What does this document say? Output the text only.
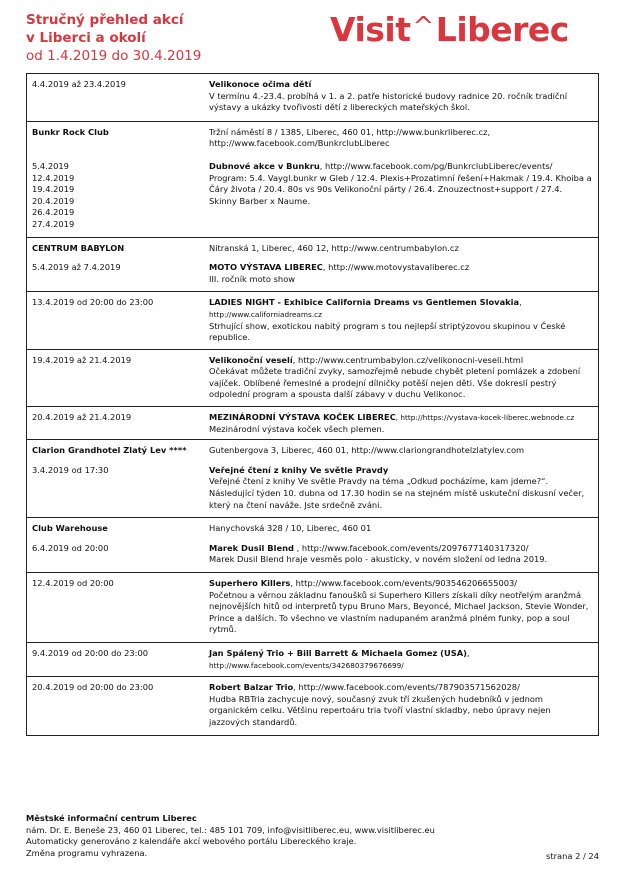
Stručný přehled akcí
v Liberci a okolí
od 1.4.2019 do 30.4.2019
Visit^Liberec
4.4.2019 až 23.4.2019	Velikonoce očima dětí
V termínu 4.-23.4. probíhá v 1. a 2. patře historické budovy radnice 20. ročník tradiční výstavy a ukázky tvořivosti dětí z libereckých mateřských škol.
Bunkr Rock Club	Tržní náměstí 8 / 1385, Liberec, 460 01, http://www.bunkrliberec.cz, http://www.facebook.com/BunkrclubLiberec
5.4.2019
12.4.2019
19.4.2019
20.4.2019
26.4.2019
27.4.2019
Dubnové akce v Bunkru, http://www.facebook.com/pg/BunkrclubLiberec/events/
Program: 5.4. Vaygl.bunkr w Gleb / 12.4. Plexis+Prozatimní řešení+Hakmak / 19.4. Khoiba a Čáry života / 20.4. 80s vs 90s Velikonoční párty / 26.4. Znouzectnost+support / 27.4. Skinny Barber x Naume.
CENTRUM BABYLON	Nitranská 1, Liberec, 460 12, http://www.centrumbabylon.cz
5.4.2019 až 7.4.2019	MOTO VÝSTAVA LIBEREC, http://www.motovystavaliberec.cz
III. ročník moto show
13.4.2019 od 20:00 do 23:00	LADIES NIGHT - Exhibice California Dreams vs Gentlemen Slovakia,
http://www.californiadreams.cz
Strhující show, exotickou nabitý program s tou nejlepší striptýzovou skupinou v České republice.
19.4.2019 až 21.4.2019	Velikonoční veselí, http://www.centrumbabylon.cz/velikonocni-veseli.html
Očekávat můžete tradiční zvyky, samozřejmě nebude chybět pletení pomlázek a zdobení vajíček. Oblíbené řemeslné a prodejní dílničky potěší nejen děti. Vše dokreslí pestrý odpolední program a spousta další zábavy v duchu Velikonoc.
20.4.2019 až 21.4.2019	MEZINÁRODNÍ VÝSTAVA KOČEK LIBEREC, http://https://vystava-kocek-liberec.webnode.cz
Mezinárodní výstava koček všech plemen.
Clarion Grandhotel Zlatý Lev ****	Gutenbergova 3, Liberec, 460 01, http://www.clariongrandhotelzlatylev.com
3.4.2019 od 17:30	Veřejné čtení z knihy Ve světle Pravdy
Veřejné čtení z knihy Ve světle Pravdy na téma „Odkud pocházíme, kam jdeme?“. Následující týden 10. dubna od 17.30 hodin se na stejném místě uskuteční diskusní večer, který na čtení naváže. Jste srdečně zváni.
Club Warehouse	Hanychovská 328 / 10, Liberec, 460 01
6.4.2019 od 20:00	Marek Dusil Blend , http://www.facebook.com/events/2097677140317320/
Marek Dusil Blend hraje vesměs polo - akusticky, v novém složení od ledna 2019.
12.4.2019 od 20:00	Superhero Killers, http://www.facebook.com/events/903546206655003/
Početnou a věrnou základnu fanoušků si Superhero Killers získali díky neotřelým aranžmá nejnovějších hitů od interpretů typu Bruno Mars, Beyoncé, Michael Jackson, Stevie Wonder, Prince a dalších. To všechno ve vlastním nadupaném aranžmá plném funky, pop a soul rytmů.
9.4.2019 od 20:00 do 23:00	Jan Spálený Trio + Bill Barrett & Michaela Gomez (USA),
http://www.facebook.com/events/342680379676699/
20.4.2019 od 20:00 do 23:00	Robert Balzar Trio, http://www.facebook.com/events/787903571562028/
Hudba RBTria zachycuje nový, současný zvuk tří zkušených hudebníků v jednom organickém celku. Většinu repertoáru tria tvoří vlastní skladby, nebo úpravy nejen jazzových standardů.
Městské informační centrum Liberec
nám. Dr. E. Beneše 23, 460 01 Liberec, tel.: 485 101 709, info@visitliberec.eu, www.visitliberec.eu
Automaticky generováno z kalendáře akcí webového portálu Libereckého kraje.
Změna programu vyhrazena.	strana 2 / 24
